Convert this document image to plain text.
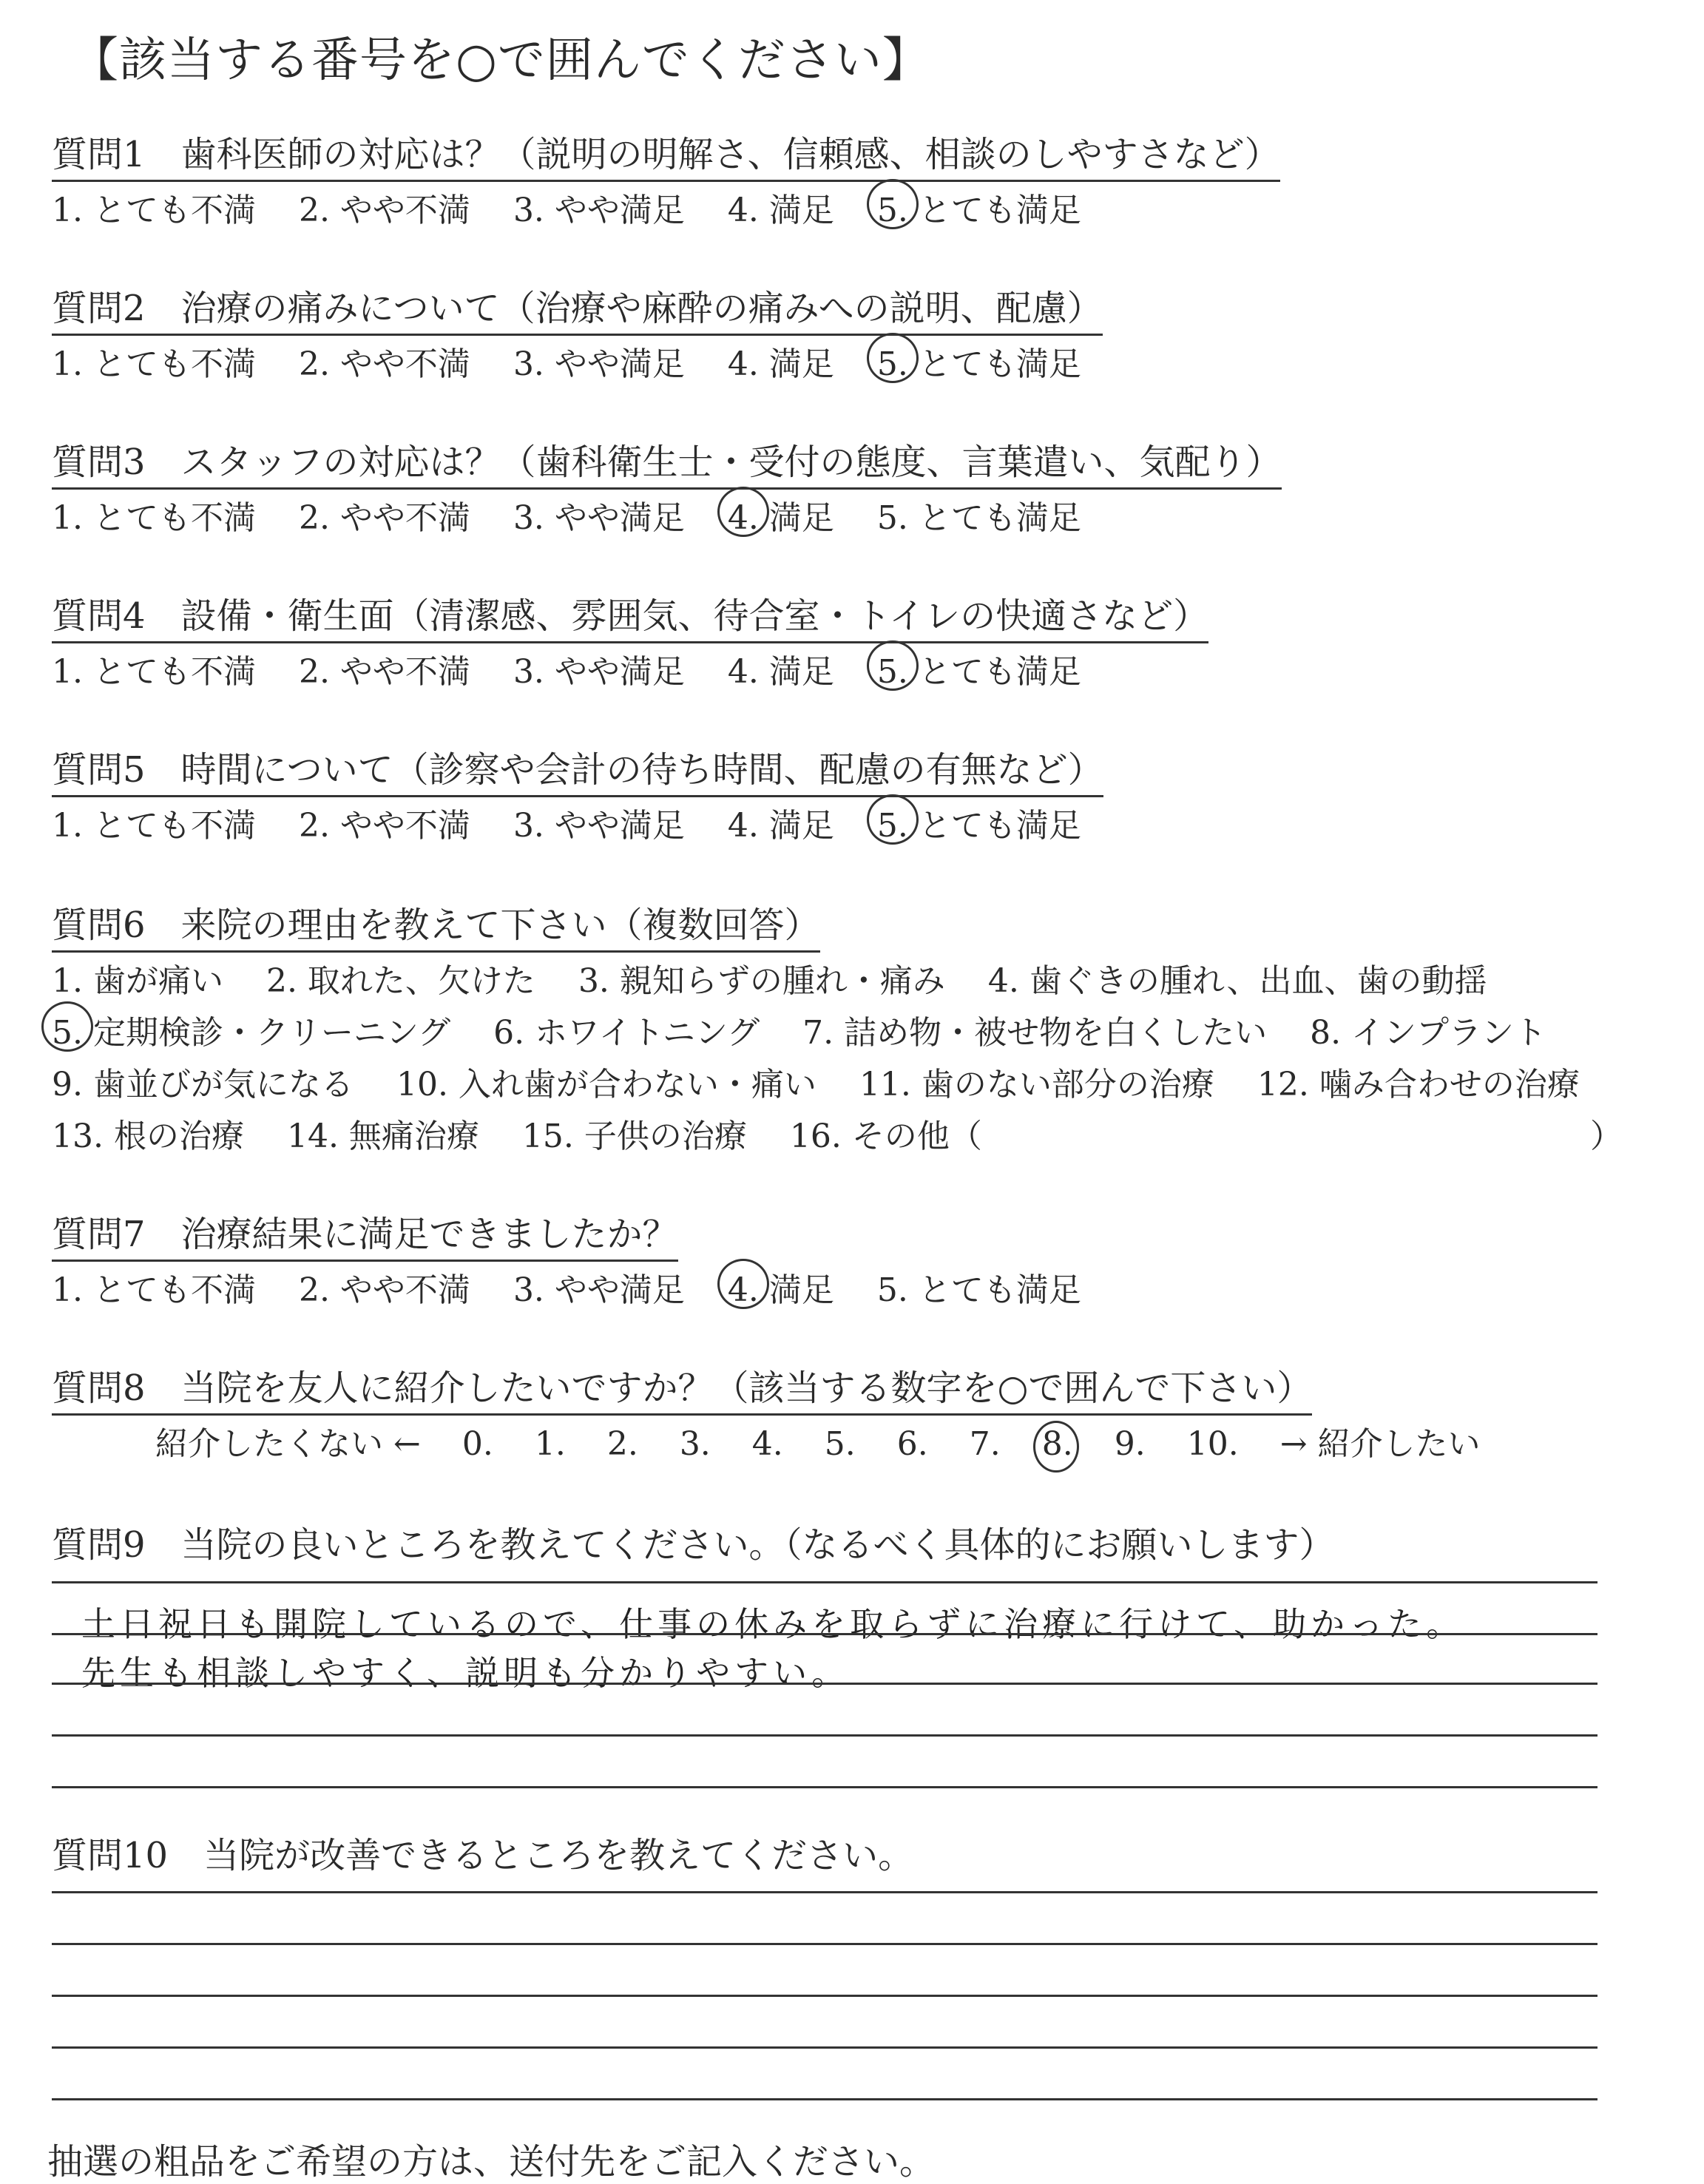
【該当する番号を○で囲んでください】
質問1　歯科医師の対応は？（説明の明解さ、信頼感、相談のしやすさなど）
1. とても不満 2. やや不満 3. やや満足 4. 満足 5. とても満足
質問2　治療の痛みについて（治療や麻酔の痛みへの説明、配慮）
1. とても不満 2. やや不満 3. やや満足 4. 満足 5. とても満足
質問3　スタッフの対応は？（歯科衛生士・受付の態度、言葉遣い、気配り）
1. とても不満 2. やや不満 3. やや満足 4. 満足 5. とても満足
質問4　設備・衛生面（清潔感、雰囲気、待合室・トイレの快適さなど）
1. とても不満 2. やや不満 3. やや満足 4. 満足 5. とても満足
質問5　時間について（診察や会計の待ち時間、配慮の有無など）
1. とても不満 2. やや不満 3. やや満足 4. 満足 5. とても満足
質問6　来院の理由を教えて下さい（複数回答）
1. 歯が痛い 2. 取れた、欠けた 3. 親知らずの腫れ・痛み 4. 歯ぐきの腫れ、出血、歯の動揺
5. 定期検診・クリーニング 6. ホワイトニング 7. 詰め物・被せ物を白くしたい 8. インプラント
9. 歯並びが気になる 10. 入れ歯が合わない・痛い 11. 歯のない部分の治療 12. 噛み合わせの治療
13. 根の治療 14. 無痛治療 15. 子供の治療 16. その他（	）
質問7　治療結果に満足できましたか？
1. とても不満 2. やや不満 3. やや満足 4. 満足 5. とても満足
質問8　当院を友人に紹介したいですか？（該当する数字を○で囲んで下さい）
紹介したくない ← 0. 1. 2. 3. 4. 5. 6. 7. 8. 9. 10. → 紹介したい
質問9　当院の良いところを教えてください。（なるべく具体的にお願いします）
土日祝日も開院しているので、仕事の休みを取らずに治療に行けて、助かった。
先生も相談しやすく、説明も分かりやすい。
質問10　当院が改善できるところを教えてください。
抽選の粗品をご希望の方は、送付先をご記入ください。
